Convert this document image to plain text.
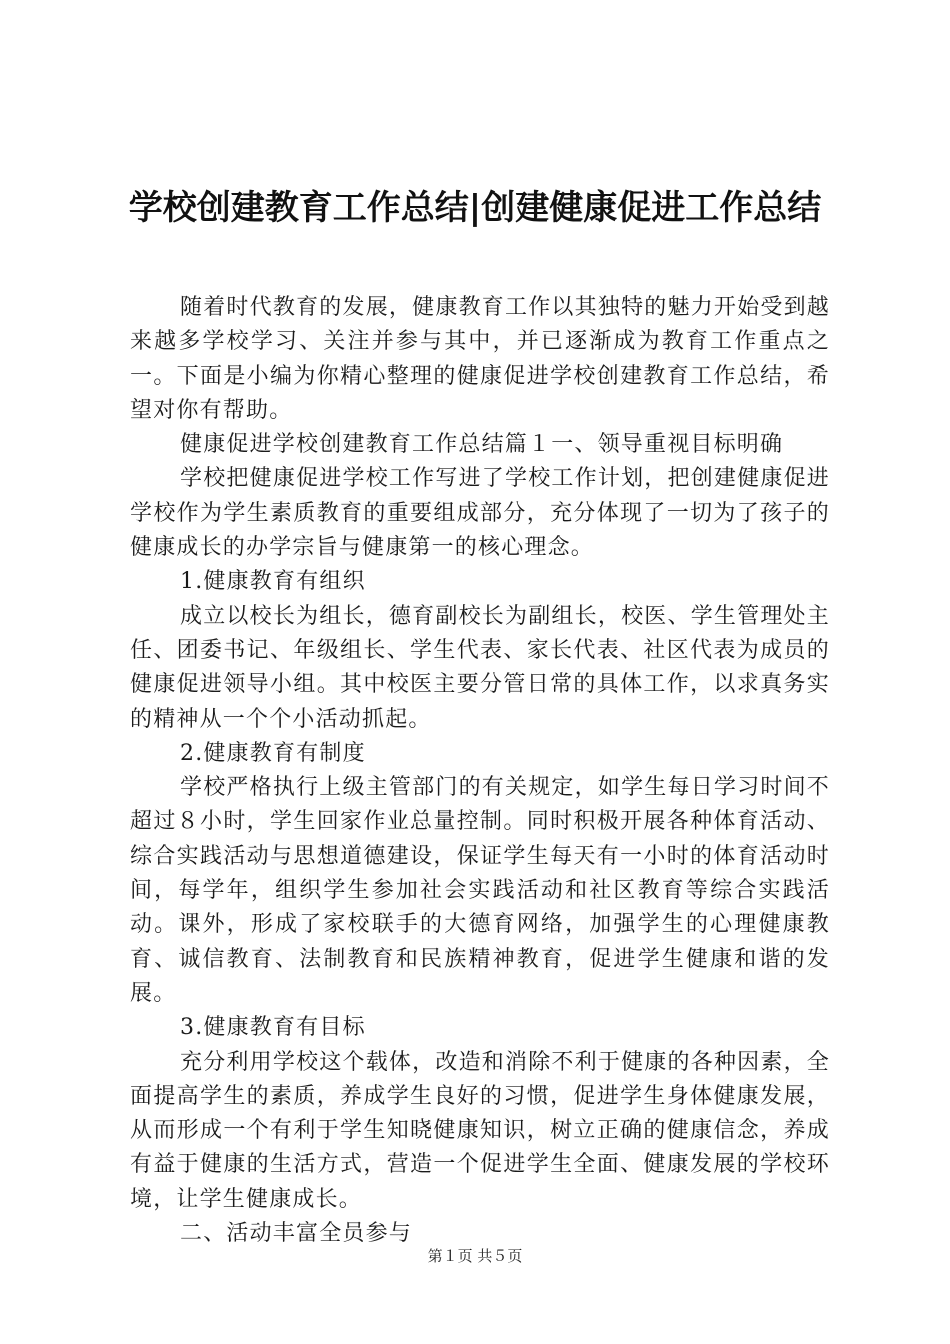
学校创建教育工作总结|创建健康促进工作总结

随着时代教育的发展，健康教育工作以其独特的魅力开始受到越来越多学校学习、关注并参与其中，并已逐渐成为教育工作重点之一。下面是小编为你精心整理的健康促进学校创建教育工作总结，希望对你有帮助。

健康促进学校创建教育工作总结篇１一、领导重视目标明确

学校把健康促进学校工作写进了学校工作计划，把创建健康促进学校作为学生素质教育的重要组成部分，充分体现了一切为了孩子的健康成长的办学宗旨与健康第一的核心理念。

1.健康教育有组织

成立以校长为组长，德育副校长为副组长，校医、学生管理处主任、团委书记、年级组长、学生代表、家长代表、社区代表为成员的健康促进领导小组。其中校医主要分管日常的具体工作，以求真务实的精神从一个个小活动抓起。

2.健康教育有制度

学校严格执行上级主管部门的有关规定，如学生每日学习时间不超过８小时，学生回家作业总量控制。同时积极开展各种体育活动、综合实践活动与思想道德建设，保证学生每天有一小时的体育活动时间，每学年，组织学生参加社会实践活动和社区教育等综合实践活动。课外，形成了家校联手的大德育网络，加强学生的心理健康教育、诚信教育、法制教育和民族精神教育，促进学生健康和谐的发展。

3.健康教育有目标

充分利用学校这个载体，改造和消除不利于健康的各种因素，全面提高学生的素质，养成学生良好的习惯，促进学生身体健康发展，从而形成一个有利于学生知晓健康知识，树立正确的健康信念，养成有益于健康的生活方式，营造一个促进学生全面、健康发展的学校环境，让学生健康成长。

二、活动丰富全员参与

第１页 共５页
